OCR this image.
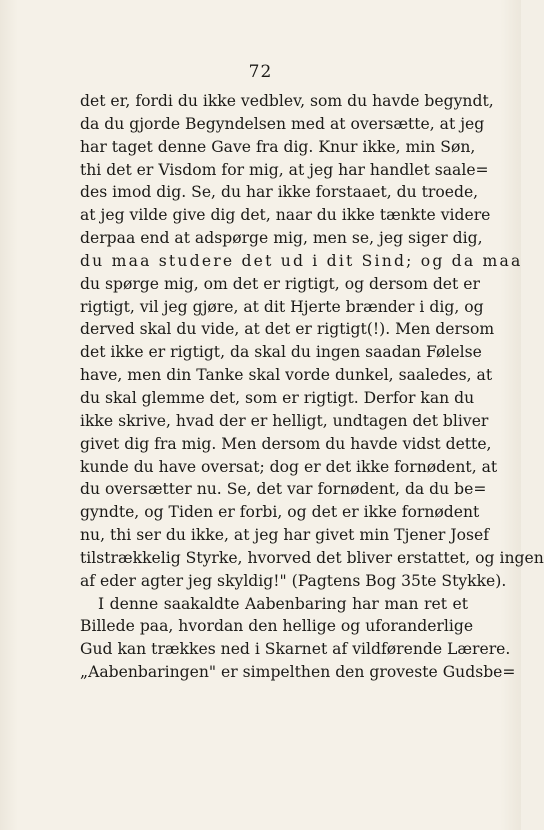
72
det er, fordi du ikke vedblev, som du havde begyndt,
da du gjorde Begyndelsen med at oversætte, at jeg
har taget denne Gave fra dig. Knur ikke, min Søn,
thi det er Visdom for mig, at jeg har handlet saale=
des imod dig. Se, du har ikke forstaaet, du troede,
at jeg vilde give dig det, naar du ikke tænkte videre
derpaa end at adspørge mig, men se, jeg siger dig,
du maa studere det ud i dit Sind; og da maa
du spørge mig, om det er rigtigt, og dersom det er
rigtigt, vil jeg gjøre, at dit Hjerte brænder i dig, og
derved skal du vide, at det er rigtigt(!). Men dersom
det ikke er rigtigt, da skal du ingen saadan Følelse
have, men din Tanke skal vorde dunkel, saaledes, at
du skal glemme det, som er rigtigt. Derfor kan du
ikke skrive, hvad der er helligt, undtagen det bliver
givet dig fra mig. Men dersom du havde vidst dette,
kunde du have oversat; dog er det ikke fornødent, at
du oversætter nu. Se, det var fornødent, da du be=
gyndte, og Tiden er forbi, og det er ikke fornødent
nu, thi ser du ikke, at jeg har givet min Tjener Josef
tilstrækkelig Styrke, hvorved det bliver erstattet, og ingen
af eder agter jeg skyldig!" (Pagtens Bog 35te Stykke).
I denne saakaldte Aabenbaring har man ret et
Billede paa, hvordan den hellige og uforanderlige
Gud kan trækkes ned i Skarnet af vildførende Lærere.
„Aabenbaringen" er simpelthen den groveste Gudsbe=
